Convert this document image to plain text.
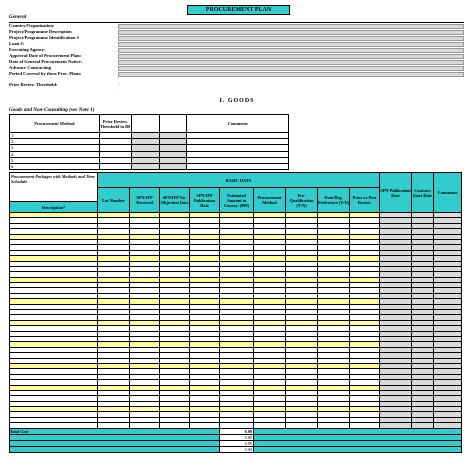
PROCUREMENT PLAN
General
Country/Organization:
Project/Programme Description
Project/Programme Identification #
Loan #:
Executing Agency:
Approval Date of Procurement Plan:
Date of General Procurement Notice:
Advance Contracting
Period Covered by these Proc. Plans:
Prior Review Threshold:	:
.
I. GOODS
Goods and Non-Consulting (see Note 1)
Procurement Method	Prior Review Threshold in B$			Comments
1.				
2.				
3.				
4.				
5.				
6.				
Procurement Packages with Methods and Time Schedule	BASIC DATA									SPN Publication Date	Contract Start Date	Comments
	Lot Number	SPN/IFP Received	SPN/IFP No-Objection Date	SPN/IFP Publication Date	Estimated Amount in Convey. (000)	Procurement Method	Pre-Qualification (Y/N)	Dom/Reg. Preference (Y/N)	Prior or Post Review			
Description*												

Total Cost					0.00							
					0.00							
					0.00							
					0.00							
